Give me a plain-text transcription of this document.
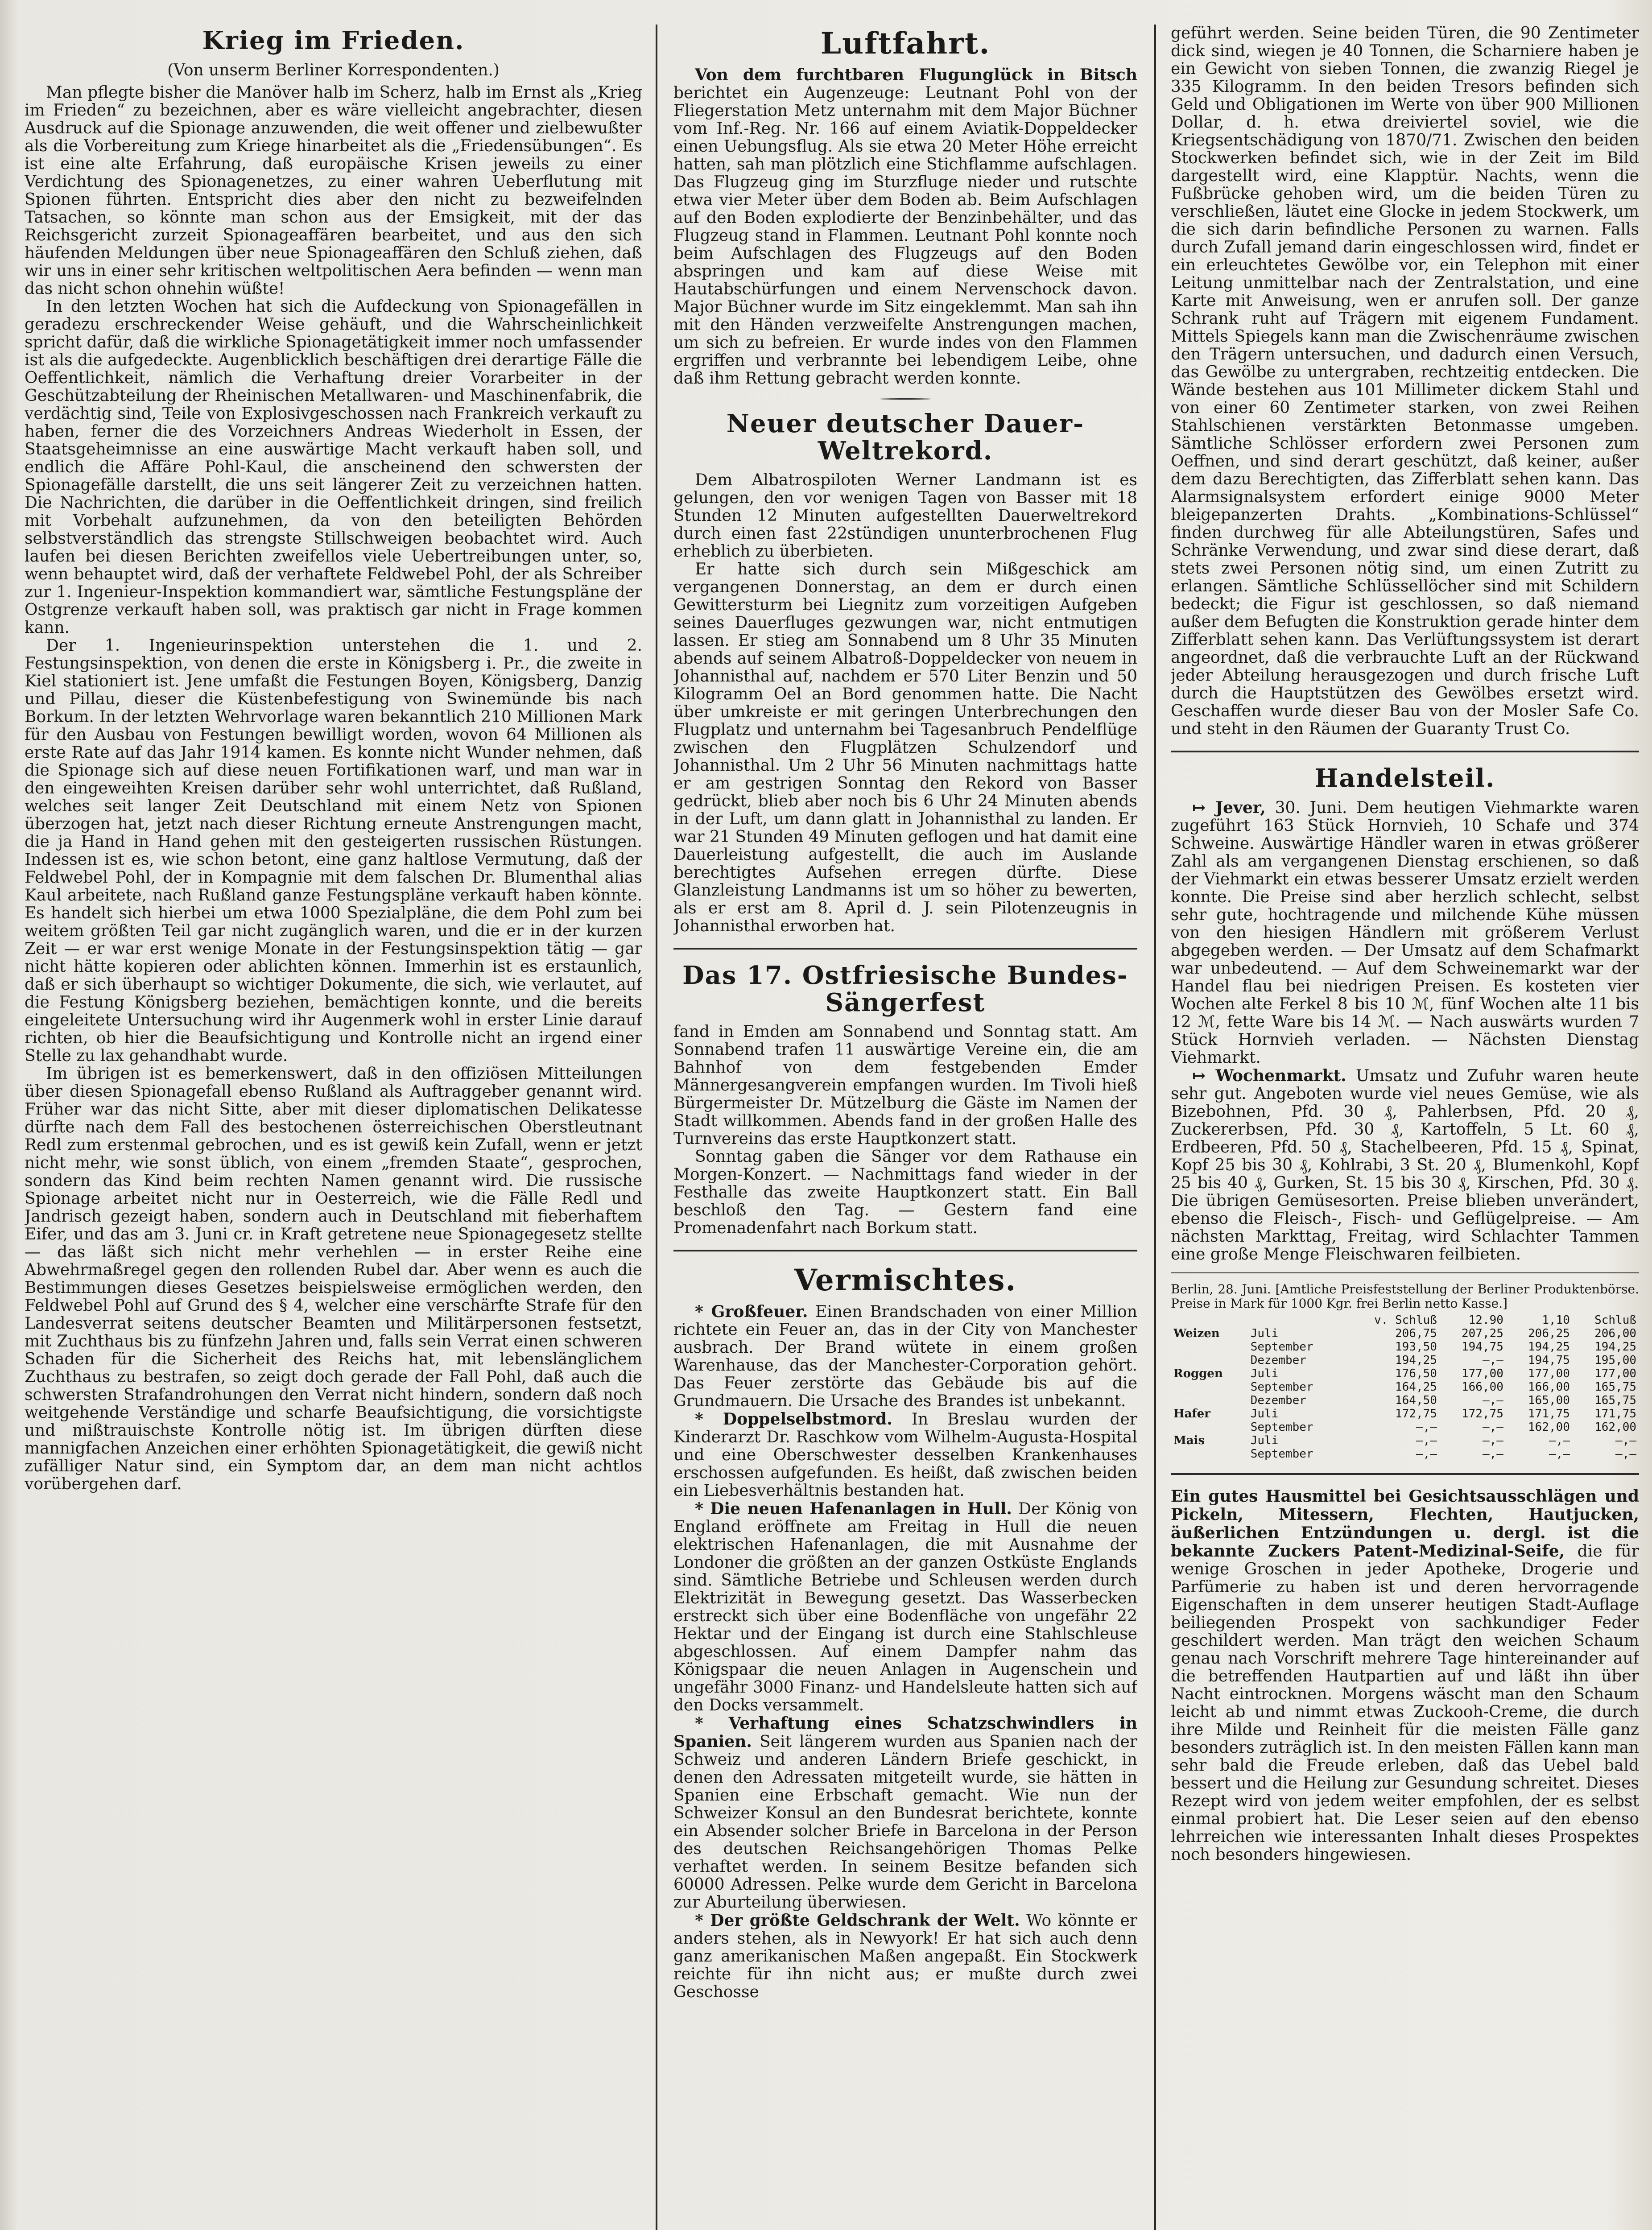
Krieg im Frieden.
(Von unserm Berliner Korrespondenten.)

Man pflegte bisher die Manöver halb im Scherz, halb im Ernst als „Krieg im Frieden“ zu bezeichnen, aber es wäre vielleicht angebrachter, diesen Ausdruck auf die Spionage anzuwenden, die weit offener und zielbewußter als die Vorbereitung zum Kriege hinarbeitet als die „Friedensübungen“. Es ist eine alte Erfahrung, daß europäische Krisen jeweils zu einer Verdichtung des Spionagenetzes, zu einer wahren Ueberflutung mit Spionen führten. Entspricht dies aber den nicht zu bezweifelnden Tatsachen, so könnte man schon aus der Emsigkeit, mit der das Reichsgericht zurzeit Spionageaffären bearbeitet, und aus den sich häufenden Meldungen über neue Spionageaffären den Schluß ziehen, daß wir uns in einer sehr kritischen weltpolitischen Aera befinden — wenn man das nicht schon ohnehin wüßte!

In den letzten Wochen hat sich die Aufdeckung von Spionagefällen in geradezu erschreckender Weise gehäuft, und die Wahrscheinlichkeit spricht dafür, daß die wirkliche Spionagetätigkeit immer noch umfassender ist als die aufgedeckte. Augenblicklich beschäftigen drei derartige Fälle die Oeffentlichkeit, nämlich die Verhaftung dreier Vorarbeiter in der Geschützabteilung der Rheinischen Metallwaren- und Maschinenfabrik, die verdächtig sind, Teile von Explosivgeschossen nach Frankreich verkauft zu haben, ferner die des Vorzeichners Andreas Wiederholt in Essen, der Staatsgeheimnisse an eine auswärtige Macht verkauft haben soll, und endlich die Affäre Pohl-Kaul, die anscheinend den schwersten der Spionagefälle darstellt, die uns seit längerer Zeit zu verzeichnen hatten. Die Nachrichten, die darüber in die Oeffentlichkeit dringen, sind freilich mit Vorbehalt aufzunehmen, da von den beteiligten Behörden selbstverständlich das strengste Stillschweigen beobachtet wird. Auch laufen bei diesen Berichten zweifellos viele Uebertreibungen unter, so, wenn behauptet wird, daß der verhaftete Feldwebel Pohl, der als Schreiber zur 1. Ingenieur-Inspektion kommandiert war, sämtliche Festungspläne der Ostgrenze verkauft haben soll, was praktisch gar nicht in Frage kommen kann.

Der 1. Ingenieurinspektion unterstehen die 1. und 2. Festungsinspektion, von denen die erste in Königsberg i. Pr., die zweite in Kiel stationiert ist. Jene umfaßt die Festungen Boyen, Königsberg, Danzig und Pillau, dieser die Küstenbefestigung von Swinemünde bis nach Borkum. In der letzten Wehrvorlage waren bekanntlich 210 Millionen Mark für den Ausbau von Festungen bewilligt worden, wovon 64 Millionen als erste Rate auf das Jahr 1914 kamen. Es konnte nicht Wunder nehmen, daß die Spionage sich auf diese neuen Fortifikationen warf, und man war in den eingeweihten Kreisen darüber sehr wohl unterrichtet, daß Rußland, welches seit langer Zeit Deutschland mit einem Netz von Spionen überzogen hat, jetzt nach dieser Richtung erneute Anstrengungen macht, die ja Hand in Hand gehen mit den gesteigerten russischen Rüstungen. Indessen ist es, wie schon betont, eine ganz haltlose Vermutung, daß der Feldwebel Pohl, der in Kompagnie mit dem falschen Dr. Blumenthal alias Kaul arbeitete, nach Rußland ganze Festungspläne verkauft haben könnte. Es handelt sich hierbei um etwa 1000 Spezialpläne, die dem Pohl zum bei weitem größten Teil gar nicht zugänglich waren, und die er in der kurzen Zeit — er war erst wenige Monate in der Festungsinspektion tätig — gar nicht hätte kopieren oder ablichten können. Immerhin ist es erstaunlich, daß er sich überhaupt so wichtiger Dokumente, die sich, wie verlautet, auf die Festung Königsberg beziehen, bemächtigen konnte, und die bereits eingeleitete Untersuchung wird ihr Augenmerk wohl in erster Linie darauf richten, ob hier die Beaufsichtigung und Kontrolle nicht an irgend einer Stelle zu lax gehandhabt wurde.

Im übrigen ist es bemerkenswert, daß in den offiziösen Mitteilungen über diesen Spionagefall ebenso Rußland als Auftraggeber genannt wird. Früher war das nicht Sitte, aber mit dieser diplomatischen Delikatesse dürfte nach dem Fall des bestochenen österreichischen Oberstleutnant Redl zum erstenmal gebrochen, und es ist gewiß kein Zufall, wenn er jetzt nicht mehr, wie sonst üblich, von einem „fremden Staate“, gesprochen, sondern das Kind beim rechten Namen genannt wird. Die russische Spionage arbeitet nicht nur in Oesterreich, wie die Fälle Redl und Jandrisch gezeigt haben, sondern auch in Deutschland mit fieberhaftem Eifer, und das am 3. Juni cr. in Kraft getretene neue Spionagegesetz stellte — das läßt sich nicht mehr verhehlen — in erster Reihe eine Abwehrmaßregel gegen den rollenden Rubel dar. Aber wenn es auch die Bestimmungen dieses Gesetzes beispielsweise ermöglichen werden, den Feldwebel Pohl auf Grund des § 4, welcher eine verschärfte Strafe für den Landesverrat seitens deutscher Beamten und Militärpersonen festsetzt, mit Zuchthaus bis zu fünfzehn Jahren und, falls sein Verrat einen schweren Schaden für die Sicherheit des Reichs hat, mit lebenslänglichem Zuchthaus zu bestrafen, so zeigt doch gerade der Fall Pohl, daß auch die schwersten Strafandrohungen den Verrat nicht hindern, sondern daß noch weitgehende Verständige und scharfe Beaufsichtigung, die vorsichtigste und mißtrauischste Kontrolle nötig ist. Im übrigen dürften diese mannigfachen Anzeichen einer erhöhten Spionagetätigkeit, die gewiß nicht zufälliger Natur sind, ein Symptom dar, an dem man nicht achtlos vorübergehen darf.

Luftfahrt.

Von dem furchtbaren Flugunglück in Bitsch berichtet ein Augenzeuge: Leutnant Pohl von der Fliegerstation Metz unternahm mit dem Major Büchner vom Inf.-Reg. Nr. 166 auf einem Aviatik-Doppeldecker einen Uebungsflug. Als sie etwa 20 Meter Höhe erreicht hatten, sah man plötzlich eine Stichflamme aufschlagen. Das Flugzeug ging im Sturzfluge nieder und rutschte etwa vier Meter über dem Boden ab. Beim Aufschlagen auf den Boden explodierte der Benzinbehälter, und das Flugzeug stand in Flammen. Leutnant Pohl konnte noch beim Aufschlagen des Flugzeugs auf den Boden abspringen und kam auf diese Weise mit Hautabschürfungen und einem Nervenschock davon. Major Büchner wurde im Sitz eingeklemmt. Man sah ihn mit den Händen verzweifelte Anstrengungen machen, um sich zu befreien. Er wurde indes von den Flammen ergriffen und verbrannte bei lebendigem Leibe, ohne daß ihm Rettung gebracht werden konnte.

Neuer deutscher Dauer-Weltrekord.

Dem Albatrospiloten Werner Landmann ist es gelungen, den vor wenigen Tagen von Basser mit 18 Stunden 12 Minuten aufgestellten Dauerweltrekord durch einen fast 22stündigen ununterbrochenen Flug erheblich zu überbieten.

Er hatte sich durch sein Mißgeschick am vergangenen Donnerstag, an dem er durch einen Gewittersturm bei Liegnitz zum vorzeitigen Aufgeben seines Dauerfluges gezwungen war, nicht entmutigen lassen. Er stieg am Sonnabend um 8 Uhr 35 Minuten abends auf seinem Albatroß-Doppeldecker von neuem in Johannisthal auf, nachdem er 570 Liter Benzin und 50 Kilogramm Oel an Bord genommen hatte. Die Nacht über umkreiste er mit geringen Unterbrechungen den Flugplatz und unternahm bei Tagesanbruch Pendelflüge zwischen den Flugplätzen Schulzendorf und Johannisthal. Um 2 Uhr 56 Minuten nachmittags hatte er am gestrigen Sonntag den Rekord von Basser gedrückt, blieb aber noch bis 6 Uhr 24 Minuten abends in der Luft, um dann glatt in Johannisthal zu landen. Er war 21 Stunden 49 Minuten geflogen und hat damit eine Dauerleistung aufgestellt, die auch im Auslande berechtigtes Aufsehen erregen dürfte. Diese Glanzleistung Landmanns ist um so höher zu bewerten, als er erst am 8. April d. J. sein Pilotenzeugnis in Johannisthal erworben hat.

Das 17. Ostfriesische Bundes-Sängerfest

fand in Emden am Sonnabend und Sonntag statt. Am Sonnabend trafen 11 auswärtige Vereine ein, die am Bahnhof von dem festgebenden Emder Männergesangverein empfangen wurden. Im Tivoli hieß Bürgermeister Dr. Mützelburg die Gäste im Namen der Stadt willkommen. Abends fand in der großen Halle des Turnvereins das erste Hauptkonzert statt.

Sonntag gaben die Sänger vor dem Rathause ein Morgen-Konzert. — Nachmittags fand wieder in der Festhalle das zweite Hauptkonzert statt. Ein Ball beschloß den Tag. — Gestern fand eine Promenadenfahrt nach Borkum statt.

Vermischtes.

* Großfeuer. Einen Brandschaden von einer Million richtete ein Feuer an, das in der City von Manchester ausbrach. Der Brand wütete in einem großen Warenhause, das der Manchester-Corporation gehört. Das Feuer zerstörte das Gebäude bis auf die Grundmauern. Die Ursache des Brandes ist unbekannt.

* Doppelselbstmord. In Breslau wurden der Kinderarzt Dr. Raschkow vom Wilhelm-Augusta-Hospital und eine Oberschwester desselben Krankenhauses erschossen aufgefunden. Es heißt, daß zwischen beiden ein Liebesverhältnis bestanden hat.

* Die neuen Hafenanlagen in Hull. Der König von England eröffnete am Freitag in Hull die neuen elektrischen Hafenanlagen, die mit Ausnahme der Londoner die größten an der ganzen Ostküste Englands sind. Sämtliche Betriebe und Schleusen werden durch Elektrizität in Bewegung gesetzt. Das Wasserbecken erstreckt sich über eine Bodenfläche von ungefähr 22 Hektar und der Eingang ist durch eine Stahlschleuse abgeschlossen. Auf einem Dampfer nahm das Königspaar die neuen Anlagen in Augenschein und ungefähr 3000 Finanz- und Handelsleute hatten sich auf den Docks versammelt.

* Verhaftung eines Schatzschwindlers in Spanien. Seit längerem wurden aus Spanien nach der Schweiz und anderen Ländern Briefe geschickt, in denen den Adressaten mitgeteilt wurde, sie hätten in Spanien eine Erbschaft gemacht. Wie nun der Schweizer Konsul an den Bundesrat berichtete, konnte ein Absender solcher Briefe in Barcelona in der Person des deutschen Reichsangehörigen Thomas Pelke verhaftet werden. In seinem Besitze befanden sich 60000 Adressen. Pelke wurde dem Gericht in Barcelona zur Aburteilung überwiesen.

* Der größte Geldschrank der Welt. Wo könnte er anders stehen, als in Newyork! Er hat sich auch denn ganz amerikanischen Maßen angepaßt. Ein Stockwerk reichte für ihn nicht aus; er mußte durch zwei Geschosse

geführt werden. Seine beiden Türen, die 90 Zentimeter dick sind, wiegen je 40 Tonnen, die Scharniere haben je ein Gewicht von sieben Tonnen, die zwanzig Riegel je 335 Kilogramm. In den beiden Tresors befinden sich Geld und Obligationen im Werte von über 900 Millionen Dollar, d. h. etwa dreiviertel soviel, wie die Kriegsentschädigung von 1870/71. Zwischen den beiden Stockwerken befindet sich, wie in der Zeit im Bild dargestellt wird, eine Klapptür. Nachts, wenn die Fußbrücke gehoben wird, um die beiden Türen zu verschließen, läutet eine Glocke in jedem Stockwerk, um die sich darin befindliche Personen zu warnen. Falls durch Zufall jemand darin eingeschlossen wird, findet er ein erleuchtetes Gewölbe vor, ein Telephon mit einer Leitung unmittelbar nach der Zentralstation, und eine Karte mit Anweisung, wen er anrufen soll. Der ganze Schrank ruht auf Trägern mit eigenem Fundament. Mittels Spiegels kann man die Zwischenräume zwischen den Trägern untersuchen, und dadurch einen Versuch, das Gewölbe zu untergraben, rechtzeitig entdecken. Die Wände bestehen aus 101 Millimeter dickem Stahl und von einer 60 Zentimeter starken, von zwei Reihen Stahlschienen verstärkten Betonmasse umgeben. Sämtliche Schlösser erfordern zwei Personen zum Oeffnen, und sind derart geschützt, daß keiner, außer dem dazu Berechtigten, das Zifferblatt sehen kann. Das Alarmsignalsystem erfordert einige 9000 Meter bleigepanzerten Drahts. „Kombinations-Schlüssel“ finden durchweg für alle Abteilungstüren, Safes und Schränke Verwendung, und zwar sind diese derart, daß stets zwei Personen nötig sind, um einen Zutritt zu erlangen. Sämtliche Schlüssellöcher sind mit Schildern bedeckt; die Figur ist geschlossen, so daß niemand außer dem Befugten die Konstruktion gerade hinter dem Zifferblatt sehen kann. Das Verlüftungssystem ist derart angeordnet, daß die verbrauchte Luft an der Rückwand jeder Abteilung herausgezogen und durch frische Luft durch die Hauptstützen des Gewölbes ersetzt wird. Geschaffen wurde dieser Bau von der Mosler Safe Co. und steht in den Räumen der Guaranty Trust Co.

Handelsteil.

↦ Jever, 30. Juni. Dem heutigen Viehmarkte waren zugeführt 163 Stück Hornvieh, 10 Schafe und 374 Schweine. Auswärtige Händler waren in etwas größerer Zahl als am vergangenen Dienstag erschienen, so daß der Viehmarkt ein etwas besserer Umsatz erzielt werden konnte. Die Preise sind aber herzlich schlecht, selbst sehr gute, hochtragende und milchende Kühe müssen von den hiesigen Händlern mit größerem Verlust abgegeben werden. — Der Umsatz auf dem Schafmarkt war unbedeutend. — Auf dem Schweinemarkt war der Handel flau bei niedrigen Preisen. Es kosteten vier Wochen alte Ferkel 8 bis 10 ℳ, fünf Wochen alte 11 bis 12 ℳ, fette Ware bis 14 ℳ. — Nach auswärts wurden 7 Stück Hornvieh verladen. — Nächsten Dienstag Viehmarkt.

↦ Wochenmarkt. Umsatz und Zufuhr waren heute sehr gut. Angeboten wurde viel neues Gemüse, wie als Bizebohnen, Pfd. 30 ₰, Pahlerbsen, Pfd. 20 ₰, Zuckererbsen, Pfd. 30 ₰, Kartoffeln, 5 Lt. 60 ₰, Erdbeeren, Pfd. 50 ₰, Stachelbeeren, Pfd. 15 ₰, Spinat, Kopf 25 bis 30 ₰, Kohlrabi, 3 St. 20 ₰, Blumenkohl, Kopf 25 bis 40 ₰, Gurken, St. 15 bis 30 ₰, Kirschen, Pfd. 30 ₰. Die übrigen Gemüsesorten. Preise blieben unverändert, ebenso die Fleisch-, Fisch- und Geflügelpreise. — Am nächsten Markttag, Freitag, wird Schlachter Tammen eine große Menge Fleischwaren feilbieten.

Berlin, 28. Juni. [Amtliche Preisfeststellung der Berliner Produktenbörse. Preise in Mark für 1000 Kgr. frei Berlin netto Kasse.]

		v. Schluß	12.90	1,10	Schluß
Weizen	Juli	206,75	207,25	206,25	206,00
	September	193,50	194,75	194,25	194,25
	Dezember	194,25	—,—	194,75	195,00
Roggen	Juli	176,50	177,00	177,00	177,00
	September	164,25	166,00	166,00	165,75
	Dezember	164,50	—,—	165,00	165,75
Hafer	Juli	172,75	172,75	171,75	171,75
	September	—,—	—,—	162,00	162,00
Mais	Juli	—,—	—,—	—,—	—,—
	September	—,—	—,—	—,—	—,—

Ein gutes Hausmittel bei Gesichtsausschlägen und Pickeln, Mitessern, Flechten, Hautjucken, äußerlichen Entzündungen u. dergl. ist die bekannte Zuckers Patent-Medizinal-Seife, die für wenige Groschen in jeder Apotheke, Drogerie und Parfümerie zu haben ist und deren hervorragende Eigenschaften in dem unserer heutigen Stadt-Auflage beiliegenden Prospekt von sachkundiger Feder geschildert werden. Man trägt den weichen Schaum genau nach Vorschrift mehrere Tage hintereinander auf die betreffenden Hautpartien auf und läßt ihn über Nacht eintrocknen. Morgens wäscht man den Schaum leicht ab und nimmt etwas Zuckooh-Creme, die durch ihre Milde und Reinheit für die meisten Fälle ganz besonders zuträglich ist. In den meisten Fällen kann man sehr bald die Freude erleben, daß das Uebel bald bessert und die Heilung zur Gesundung schreitet. Dieses Rezept wird von jedem weiter empfohlen, der es selbst einmal probiert hat. Die Leser seien auf den ebenso lehrreichen wie interessanten Inhalt dieses Prospektes noch besonders hingewiesen.
